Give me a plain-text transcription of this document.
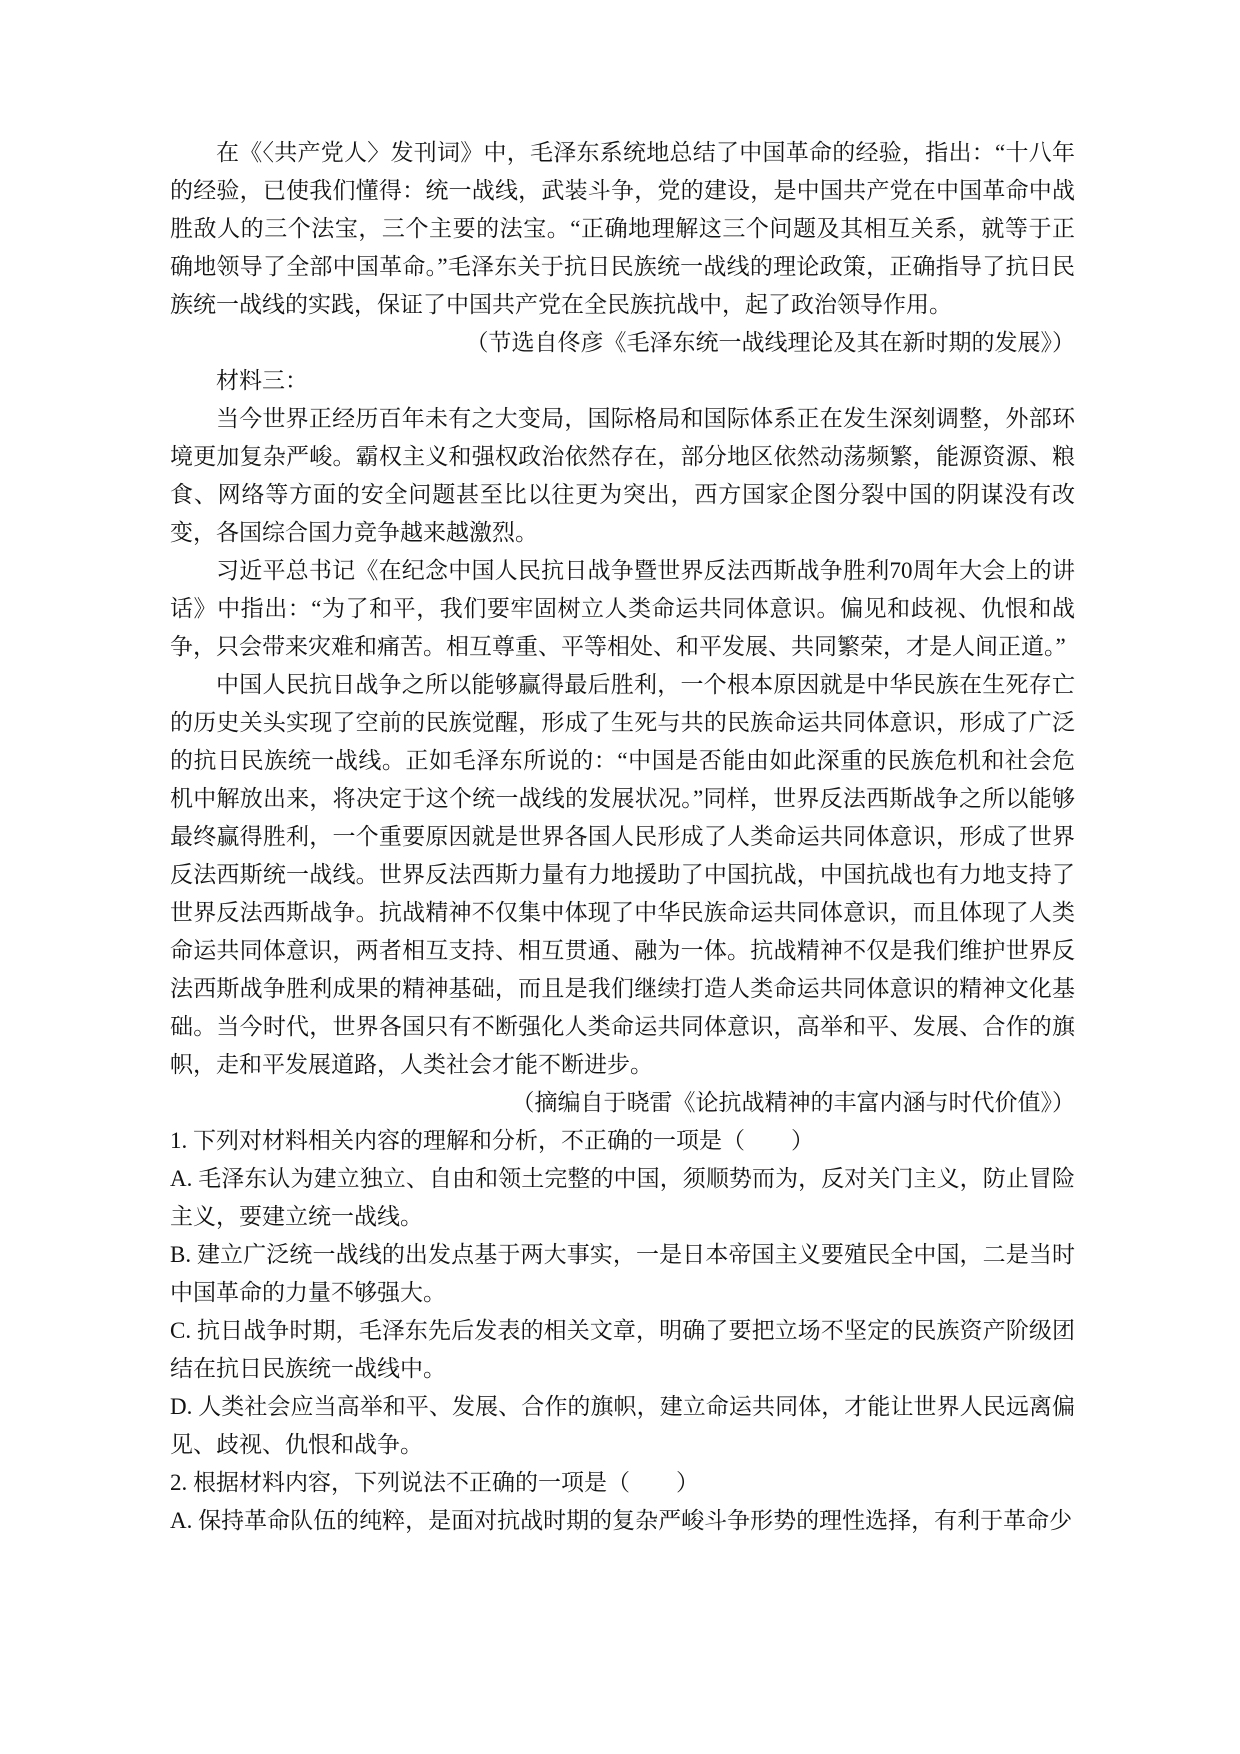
在《〈共产党人〉发刊词》中，毛泽东系统地总结了中国革命的经验，指出：“十八年的经验，已使我们懂得：统一战线，武装斗争，党的建设，是中国共产党在中国革命中战胜敌人的三个法宝，三个主要的法宝。“正确地理解这三个问题及其相互关系，就等于正确地领导了全部中国革命。”毛泽东关于抗日民族统一战线的理论政策，正确指导了抗日民族统一战线的实践，保证了中国共产党在全民族抗战中，起了政治领导作用。

（节选自佟彦《毛泽东统一战线理论及其在新时期的发展》）

材料三：

当今世界正经历百年未有之大变局，国际格局和国际体系正在发生深刻调整，外部环境更加复杂严峻。霸权主义和强权政治依然存在，部分地区依然动荡频繁，能源资源、粮食、网络等方面的安全问题甚至比以往更为突出，西方国家企图分裂中国的阴谋没有改变，各国综合国力竞争越来越激烈。

习近平总书记《在纪念中国人民抗日战争暨世界反法西斯战争胜利70周年大会上的讲话》中指出：“为了和平，我们要牢固树立人类命运共同体意识。偏见和歧视、仇恨和战争，只会带来灾难和痛苦。相互尊重、平等相处、和平发展、共同繁荣，才是人间正道。”

中国人民抗日战争之所以能够赢得最后胜利，一个根本原因就是中华民族在生死存亡的历史关头实现了空前的民族觉醒，形成了生死与共的民族命运共同体意识，形成了广泛的抗日民族统一战线。正如毛泽东所说的：“中国是否能由如此深重的民族危机和社会危机中解放出来，将决定于这个统一战线的发展状况。”同样，世界反法西斯战争之所以能够最终赢得胜利，一个重要原因就是世界各国人民形成了人类命运共同体意识，形成了世界反法西斯统一战线。世界反法西斯力量有力地援助了中国抗战，中国抗战也有力地支持了世界反法西斯战争。抗战精神不仅集中体现了中华民族命运共同体意识，而且体现了人类命运共同体意识，两者相互支持、相互贯通、融为一体。抗战精神不仅是我们维护世界反法西斯战争胜利成果的精神基础，而且是我们继续打造人类命运共同体意识的精神文化基础。当今时代，世界各国只有不断强化人类命运共同体意识，高举和平、发展、合作的旗帜，走和平发展道路，人类社会才能不断进步。

（摘编自于晓雷《论抗战精神的丰富内涵与时代价值》）

1. 下列对材料相关内容的理解和分析，不正确的一项是（　　）

A. 毛泽东认为建立独立、自由和领土完整的中国，须顺势而为，反对关门主义，防止冒险主义，要建立统一战线。

B. 建立广泛统一战线的出发点基于两大事实，一是日本帝国主义要殖民全中国，二是当时中国革命的力量不够强大。

C. 抗日战争时期，毛泽东先后发表的相关文章，明确了要把立场不坚定的民族资产阶级团结在抗日民族统一战线中。

D. 人类社会应当高举和平、发展、合作的旗帜，建立命运共同体，才能让世界人民远离偏见、歧视、仇恨和战争。

2. 根据材料内容，下列说法不正确的一项是（　　）

A. 保持革命队伍的纯粹，是面对抗战时期的复杂严峻斗争形势的理性选择，有利于革命少
